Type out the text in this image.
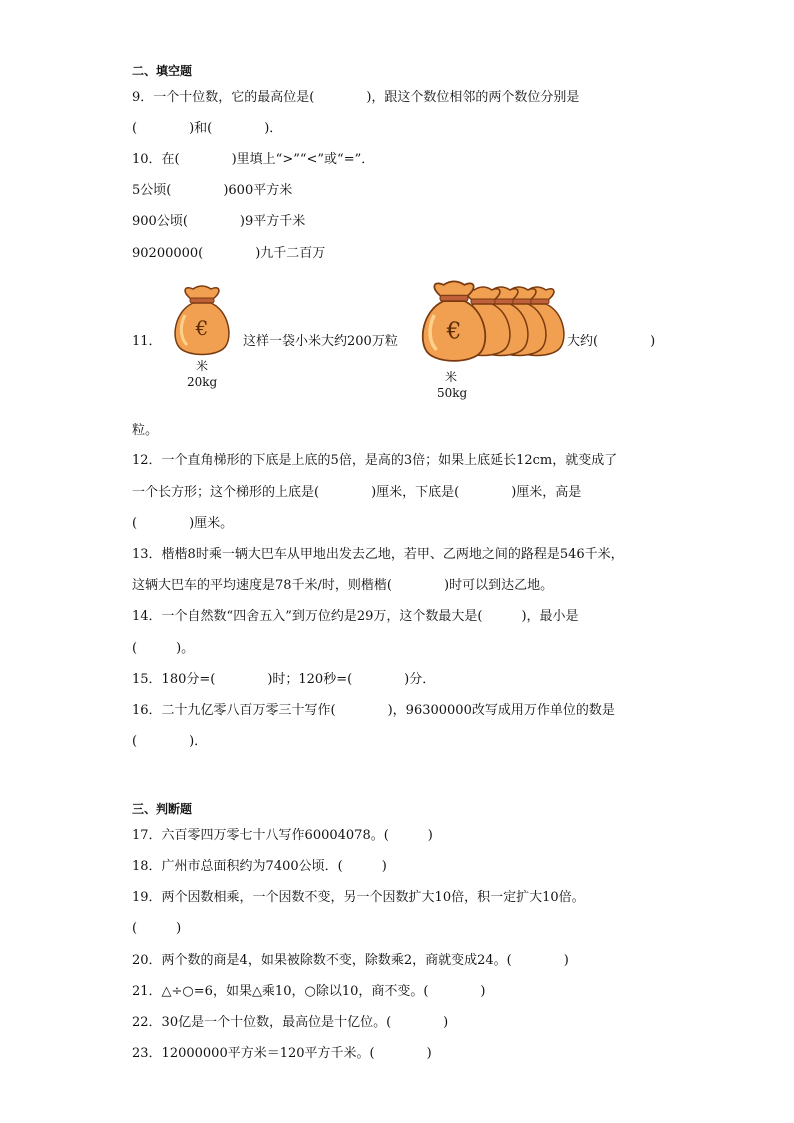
二、填空题
9．一个十位数，它的最高位是(　　　　)，跟这个数位相邻的两个数位分别是
(　　　　)和(　　　　)．
10．在(　　　　)里填上“>”“<”或“=”．
5公顷(　　　　)600平方米
900公顷(　　　　)9平方千米
90200000(　　　　)九千二百万
11．
€
米
20kg
这样一袋小米大约200万粒 €
米
50kg
大约(　　　　)
粒。
12．一个直角梯形的下底是上底的5倍，是高的3倍；如果上底延长12cm，就变成了
一个长方形；这个梯形的上底是(　　　　)厘米，下底是(　　　　)厘米，高是
(　　　　)厘米。
13．楷楷8时乘一辆大巴车从甲地出发去乙地，若甲、乙两地之间的路程是546千米，
这辆大巴车的平均速度是78千米/时，则楷楷(　　　　)时可以到达乙地。
14．一个自然数“四舍五入”到万位约是29万，这个数最大是(　　　)，最小是
(　　　)。
15．180分=(　　　　)时；120秒=(　　　　)分．
16．二十九亿零八百万零三十写作(　　　　)，96300000改写成用万作单位的数是
(　　　　)．
三、判断题
17．六百零四万零七十八写作60004078。(　　　)
18．广州市总面积约为7400公顷．(　　　)
19．两个因数相乘，一个因数不变，另一个因数扩大10倍，积一定扩大10倍。
(　　　)
20．两个数的商是4，如果被除数不变，除数乘2，商就变成24。(　　　　)
21．△÷○=6，如果△乘10，○除以10，商不变。(　　　　)
22．30亿是一个十位数，最高位是十亿位。(　　　　)
23．12000000平方米＝120平方千米。(　　　　)
